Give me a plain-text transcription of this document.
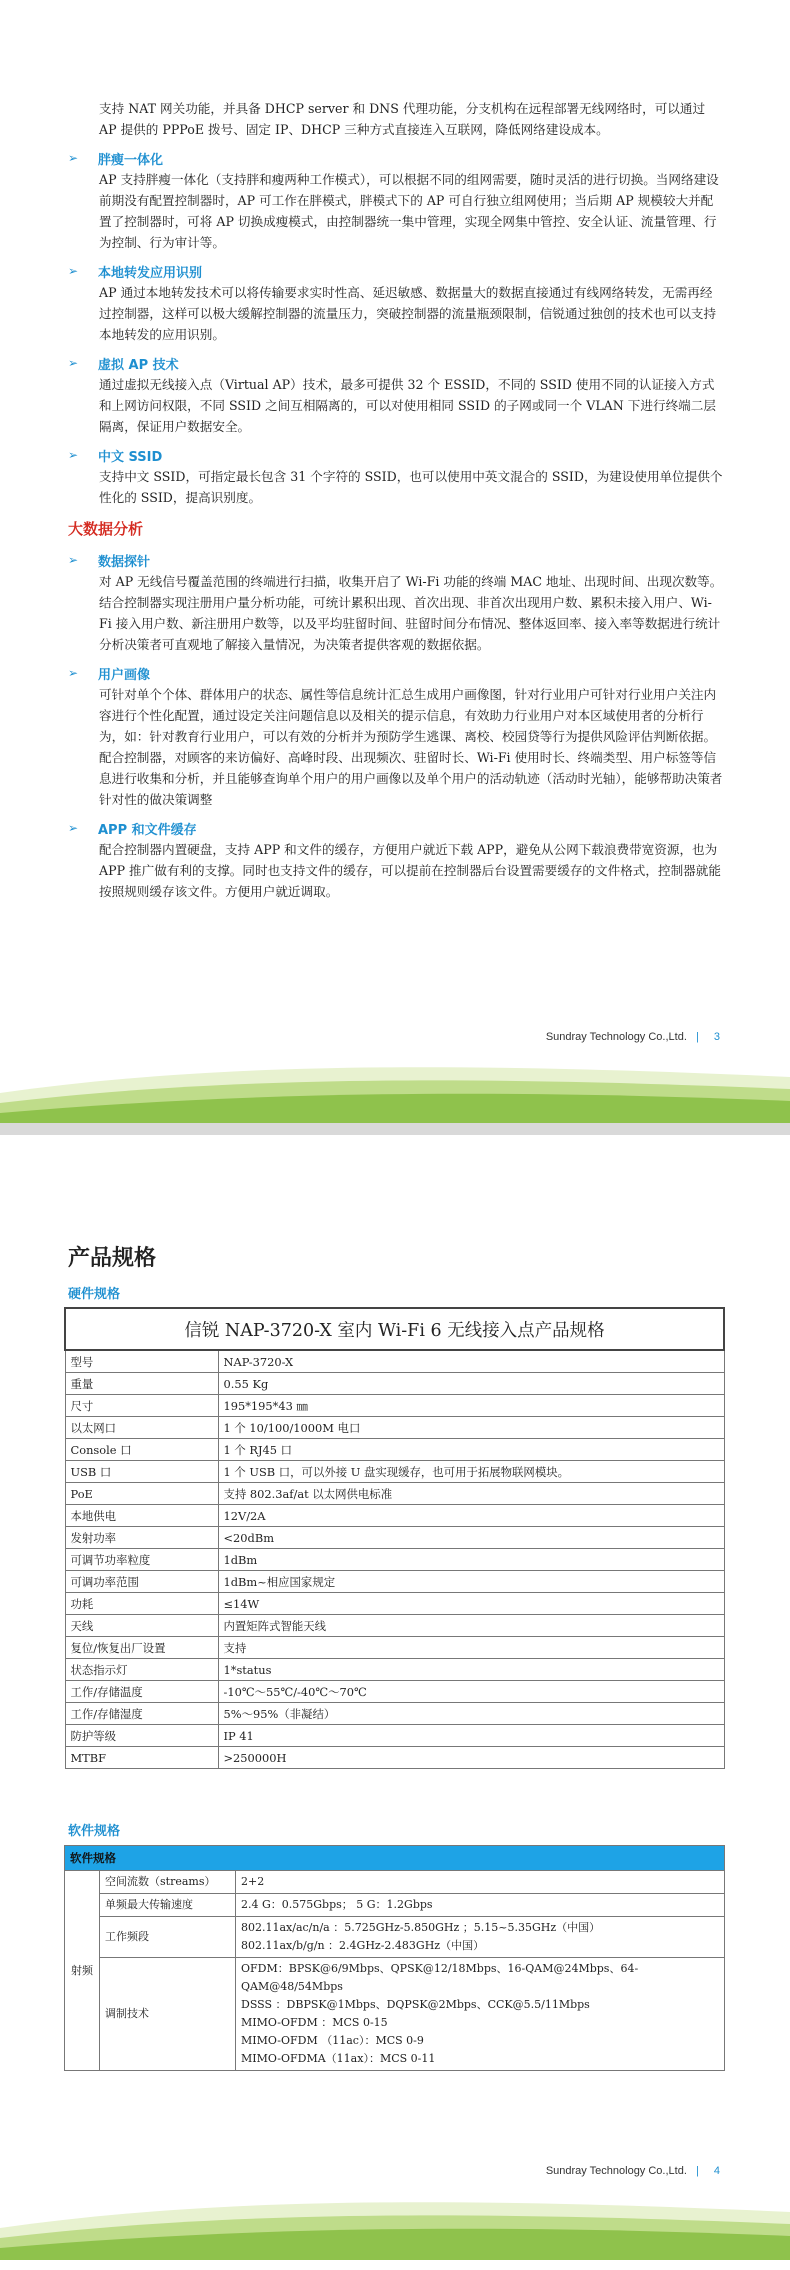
支持 NAT 网关功能，并具备 DHCP server 和 DNS 代理功能，分支机构在远程部署无线网络时，可以通过 AP 提供的 PPPoE 拨号、固定 IP、DHCP 三种方式直接连入互联网，降低网络建设成本。

➢	胖瘦一体化

AP 支持胖瘦一体化（支持胖和瘦两种工作模式），可以根据不同的组网需要，随时灵活的进行切换。当网络建设前期没有配置控制器时，AP 可工作在胖模式，胖模式下的 AP 可自行独立组网使用；当后期 AP 规模较大并配置了控制器时，可将 AP 切换成瘦模式，由控制器统一集中管理，实现全网集中管控、安全认证、流量管理、行为控制、行为审计等。

➢	本地转发应用识别

AP 通过本地转发技术可以将传输要求实时性高、延迟敏感、数据量大的数据直接通过有线网络转发，无需再经过控制器，这样可以极大缓解控制器的流量压力，突破控制器的流量瓶颈限制，信锐通过独创的技术也可以支持本地转发的应用识别。

➢	虚拟 AP 技术

通过虚拟无线接入点（Virtual AP）技术，最多可提供 32 个 ESSID，不同的 SSID 使用不同的认证接入方式和上网访问权限，不同 SSID 之间互相隔离的，可以对使用相同 SSID 的子网或同一个 VLAN 下进行终端二层隔离，保证用户数据安全。

➢	中文 SSID

支持中文 SSID，可指定最长包含 31 个字符的 SSID，也可以使用中英文混合的 SSID，为建设使用单位提供个性化的 SSID，提高识别度。

大数据分析
➢	数据探针

对 AP 无线信号覆盖范围的终端进行扫描，收集开启了 Wi-Fi 功能的终端 MAC 地址、出现时间、出现次数等。结合控制器实现注册用户量分析功能，可统计累积出现、首次出现、非首次出现用户数、累积未接入用户、Wi-Fi 接入用户数、新注册用户数等，以及平均驻留时间、驻留时间分布情况、整体返回率、接入率等数据进行统计分析决策者可直观地了解接入量情况，为决策者提供客观的数据依据。

➢	用户画像

可针对单个个体、群体用户的状态、属性等信息统计汇总生成用户画像图，针对行业用户可针对行业用户关注内容进行个性化配置，通过设定关注问题信息以及相关的提示信息，有效助力行业用户对本区域使用者的分析行为，如：针对教育行业用户，可以有效的分析并为预防学生逃课、离校、校园贷等行为提供风险评估判断依据。配合控制器，对顾客的来访偏好、高峰时段、出现频次、驻留时长、Wi-Fi 使用时长、终端类型、用户标签等信息进行收集和分析，并且能够查询单个用户的用户画像以及单个用户的活动轨迹（活动时光轴），能够帮助决策者针对性的做决策调整

➢	APP 和文件缓存

配合控制器内置硬盘，支持 APP 和文件的缓存，方便用户就近下载 APP，避免从公网下载浪费带宽资源，也为 APP 推广做有利的支撑。同时也支持文件的缓存，可以提前在控制器后台设置需要缓存的文件格式，控制器就能按照规则缓存该文件。方便用户就近调取。

Sundray Technology Co.,Ltd. | 3
产品规格
硬件规格
信锐 NAP-3720-X 室内 Wi-Fi 6 无线接入点产品规格	
型号	NAP-3720-X
重量	0.55 Kg
尺寸	195*195*43 ㎜
以太网口	1 个 10/100/1000M 电口
Console 口	1 个 RJ45 口
USB 口	1 个 USB 口，可以外接 U 盘实现缓存，也可用于拓展物联网模块。
PoE	支持 802.3af/at 以太网供电标准
本地供电	12V/2A
发射功率	<20dBm
可调节功率粒度	1dBm
可调功率范围	1dBm~相应国家规定
功耗	≤14W
天线	内置矩阵式智能天线
复位/恢复出厂设置	支持
状态指示灯	1*status
工作/存储温度	-10℃～55℃/-40℃～70℃
工作/存储湿度	5%～95%（非凝结）
防护等级	IP 41
MTBF	>250000H
软件规格
软件规格		
射频	空间流数（streams）	2+2

	单频最大传输速度	2.4 G：0.575Gbps； 5 G：1.2Gbps

	工作频段	802.11ax/ac/n/a ：5.725GHz-5.850GHz ；5.15~5.35GHz（中国）
802.11ax/b/g/n ：2.4GHz-2.483GHz（中国）

	调制技术	OFDM：BPSK@6/9Mbps、QPSK@12/18Mbps、16-QAM@24Mbps、64-QAM@48/54Mbps
DSSS ：DBPSK@1Mbps、DQPSK@2Mbps、CCK@5.5/11Mbps
MIMO-OFDM ：MCS 0-15
MIMO-OFDM （11ac）：MCS 0-9
MIMO-OFDMA（11ax）：MCS 0-11
Sundray Technology Co.,Ltd. | 4
